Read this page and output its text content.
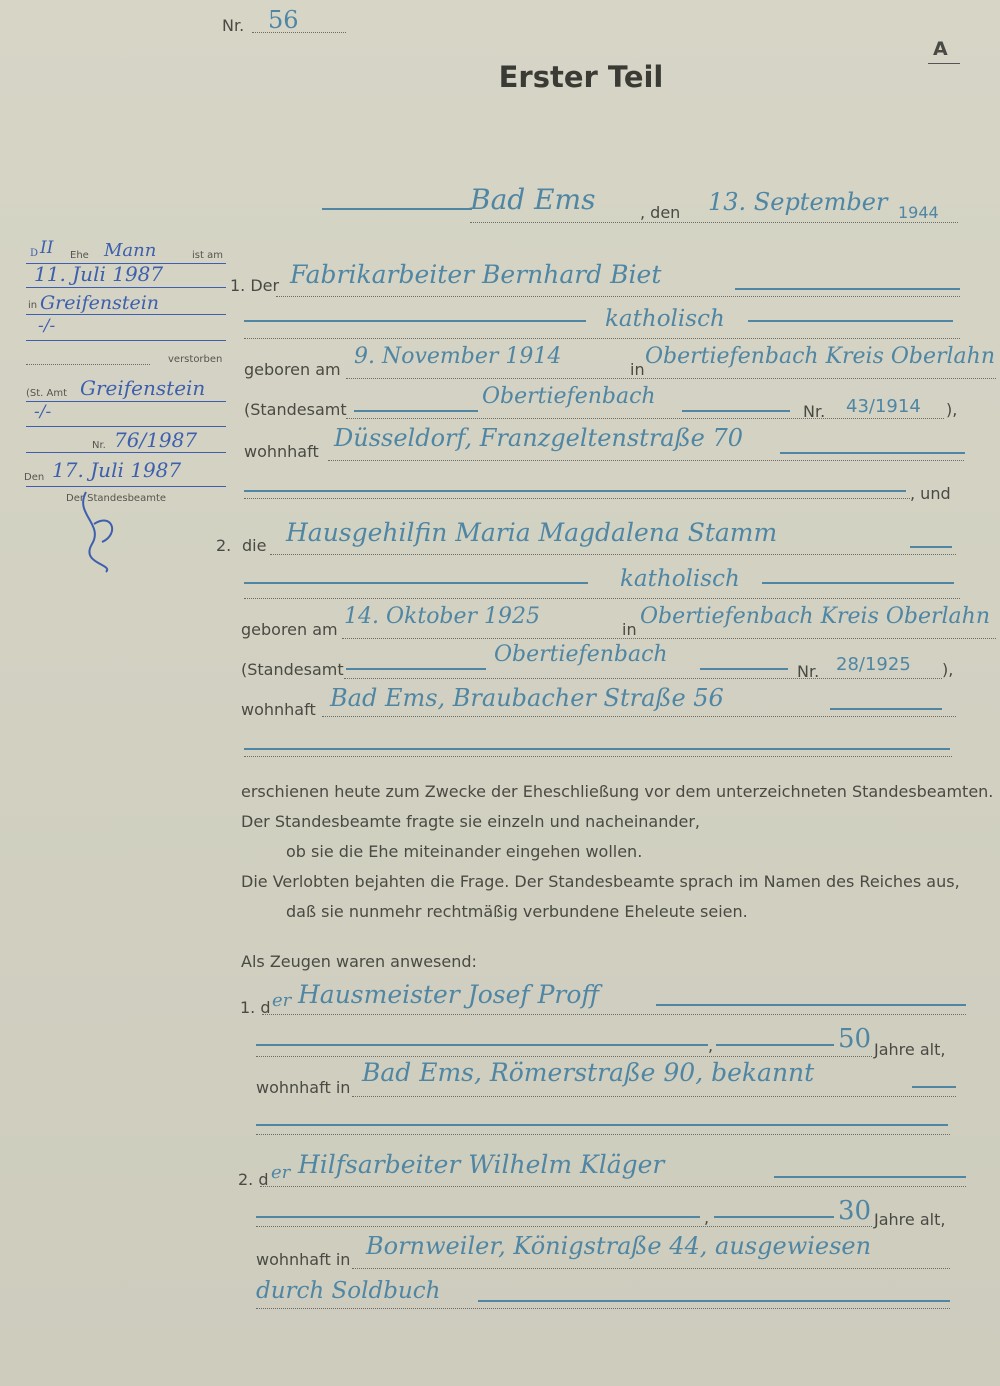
Nr. 56
A
Erster Teil
Bad Ems	, den 13. September 1944
D II Ehe Mann	ist am
11. Juli 1987
in Greifenstein
-/-
verstorben
(St. Amt Greifenstein
-/-
Nr. 76/1987
Den 17. Juli 1987
Der Standesbeamte
1. Der Fabrikarbeiter Bernhard Biet
katholisch
geboren am
9. November 1914
in
Obertiefenbach Kreis Oberlahn
(Standesamt
Obertiefenbach
Nr. 43/1914 ),
wohnhaft Düsseldorf, Franzgeltenstraße 70
, und
2. die Hausgehilfin Maria Magdalena Stamm
katholisch
geboren am
14. Oktober 1925
in
Obertiefenbach Kreis Oberlahn
(Standesamt
Obertiefenbach
Nr. 28/1925 ),
wohnhaft Bad Ems, Braubacher Straße 56
erschienen heute zum Zwecke der Eheschließung vor dem unterzeichneten Standesbeamten.
Der Standesbeamte fragte sie einzeln und nacheinander,
ob sie die Ehe miteinander eingehen wollen.
Die Verlobten bejahten die Frage. Der Standesbeamte sprach im Namen des Reiches aus,
daß sie nunmehr rechtmäßig verbundene Eheleute seien.
Als Zeugen waren anwesend:
1. d er Hausmeister Josef Proff
,	50 Jahre alt,
wohnhaft in
Bad Ems, Römerstraße 90, bekannt
2. d er Hilfsarbeiter Wilhelm Kläger
,	30 Jahre alt,
wohnhaft in Bornweiler, Königstraße 44, ausgewiesen
durch Soldbuch
